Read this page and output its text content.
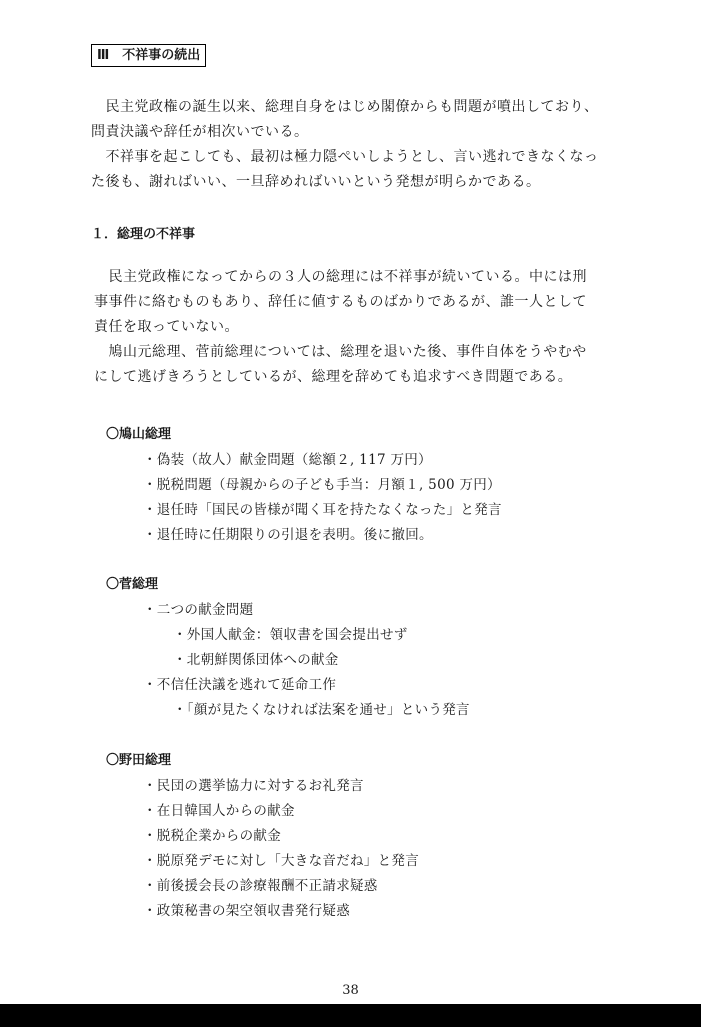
Ⅲ　不祥事の続出
　民主党政権の誕生以来、総理自身をはじめ閣僚からも問題が噴出しており、
問責決議や辞任が相次いでいる。
　不祥事を起こしても、最初は極力隠ぺいしようとし、言い逃れできなくなっ
た後も、謝ればいい、一旦辞めればいいという発想が明らかである。
１．総理の不祥事
　民主党政権になってからの３人の総理には不祥事が続いている。中には刑
事事件に絡むものもあり、辞任に値するものばかりであるが、誰一人として
責任を取っていない。
　鳩山元総理、菅前総理については、総理を退いた後、事件自体をうやむや
にして逃げきろうとしているが、総理を辞めても追求すべき問題である。
〇鳩山総理
・偽装（故人）献金問題（総額２, 117 万円）
・脱税問題（母親からの子ども手当：月額１, 500 万円）
・退任時「国民の皆様が聞く耳を持たなくなった」と発言
・退任時に任期限りの引退を表明。後に撤回。
〇菅総理
・二つの献金問題
・外国人献金：領収書を国会提出せず
・北朝鮮関係団体への献金
・不信任決議を逃れて延命工作
・「顔が見たくなければ法案を通せ」という発言
〇野田総理
・民団の選挙協力に対するお礼発言
・在日韓国人からの献金
・脱税企業からの献金
・脱原発デモに対し「大きな音だね」と発言
・前後援会長の診療報酬不正請求疑惑
・政策秘書の架空領収書発行疑惑
38
